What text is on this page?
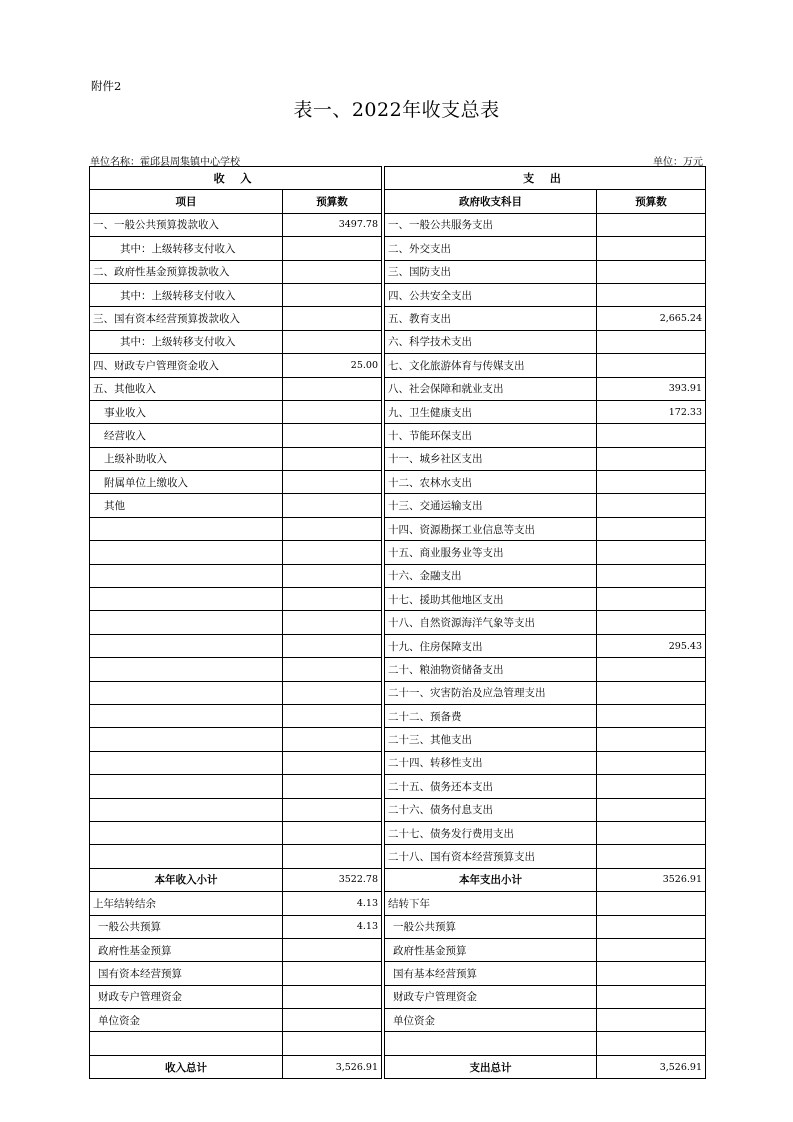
附件2
表一、2022年收支总表
单位名称：霍邱县周集镇中心学校	单位：万元
收 入			支 出	
项目	预算数		政府收支科目	预算数
一、一般公共预算拨款收入	3497.78		一、一般公共服务支出	
其中：上级转移支付收入			二、外交支出	
二、政府性基金预算拨款收入			三、国防支出	
其中：上级转移支付收入			四、公共安全支出	
三、国有资本经营预算拨款收入			五、教育支出	2,665.24
其中：上级转移支付收入			六、科学技术支出	
四、财政专户管理资金收入	25.00		七、文化旅游体育与传媒支出	
五、其他收入			八、社会保障和就业支出	393.91
事业收入			九、卫生健康支出	172.33
经营收入			十、节能环保支出	
上级补助收入			十一、城乡社区支出	
附属单位上缴收入			十二、农林水支出	
其他			十三、交通运输支出	
			十四、资源勘探工业信息等支出	
			十五、商业服务业等支出	
			十六、金融支出	
			十七、援助其他地区支出	
			十八、自然资源海洋气象等支出	
			十九、住房保障支出	295.43
			二十、粮油物资储备支出	
			二十一、灾害防治及应急管理支出	
			二十二、预备费	
			二十三、其他支出	
			二十四、转移性支出	
			二十五、债务还本支出	
			二十六、债务付息支出	
			二十七、债务发行费用支出	
			二十八、国有资本经营预算支出	
本年收入小计	3522.78		本年支出小计	3526.91
上年结转结余	4.13		结转下年	
一般公共预算	4.13		一般公共预算	
政府性基金预算			政府性基金预算	
国有资本经营预算			国有基本经营预算	
财政专户管理资金			财政专户管理资金	
单位资金			单位资金	

收入总计	3,526.91		支出总计	3,526.91
